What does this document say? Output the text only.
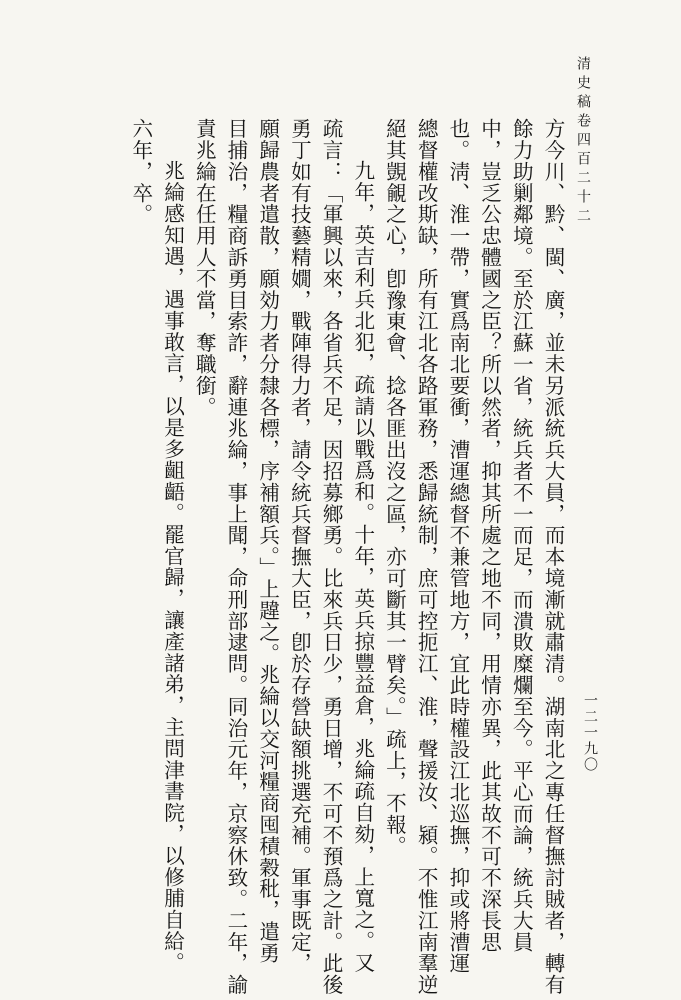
清史稿卷四百二十二
一二一九〇
方今川、黔、閩、廣，並未另派統兵大員，而本境漸就肅清。湖南北之專任督撫討賊者，轉有
餘力助剿鄰境。至於江蘇一省，統兵者不一而足，而潰敗糜爛至今。平心而論，統兵大員
中，豈乏公忠體國之臣？所以然者，抑其所處之地不同，用情亦異，此其故不可不深長思
也。淸、淮一帶，實爲南北要衝，漕運總督不兼管地方，宜此時權設江北巡撫，抑或將漕運
總督權改斯缺，所有江北各路軍務，悉歸統制，庶可控扼江、淮，聲援汝、潁。不惟江南羣逆
絕其覬覦之心，卽豫東會、捻各匪出沒之區，亦可斷其一臂矣。」疏上，不報。
九年，英吉利兵北犯，疏請以戰爲和。十年，英兵掠豐益倉，兆綸疏自劾，上寬之。又
疏言：「軍興以來，各省兵不足，因招募鄉勇。比來兵日少，勇日增，不可不預爲之計。此後
勇丁如有技藝精嫺，戰陣得力者，請令統兵督撫大臣，卽於存營缺額挑選充補。軍事既定，
願歸農者遣散，願効力者分隸各標，序補額兵。」上韙之。兆綸以交河糧商囤積穀秕，遣勇
目捕治，糧商訴勇目索詐，辭連兆綸，事上聞，命刑部逮問。同治元年，京察休致。二年，諭
責兆綸在任用人不當，奪職銜。
兆綸感知遇，遇事敢言，以是多齟齬。罷官歸，讓產諸弟，主問津書院，以修脯自給。
六年，卒。
